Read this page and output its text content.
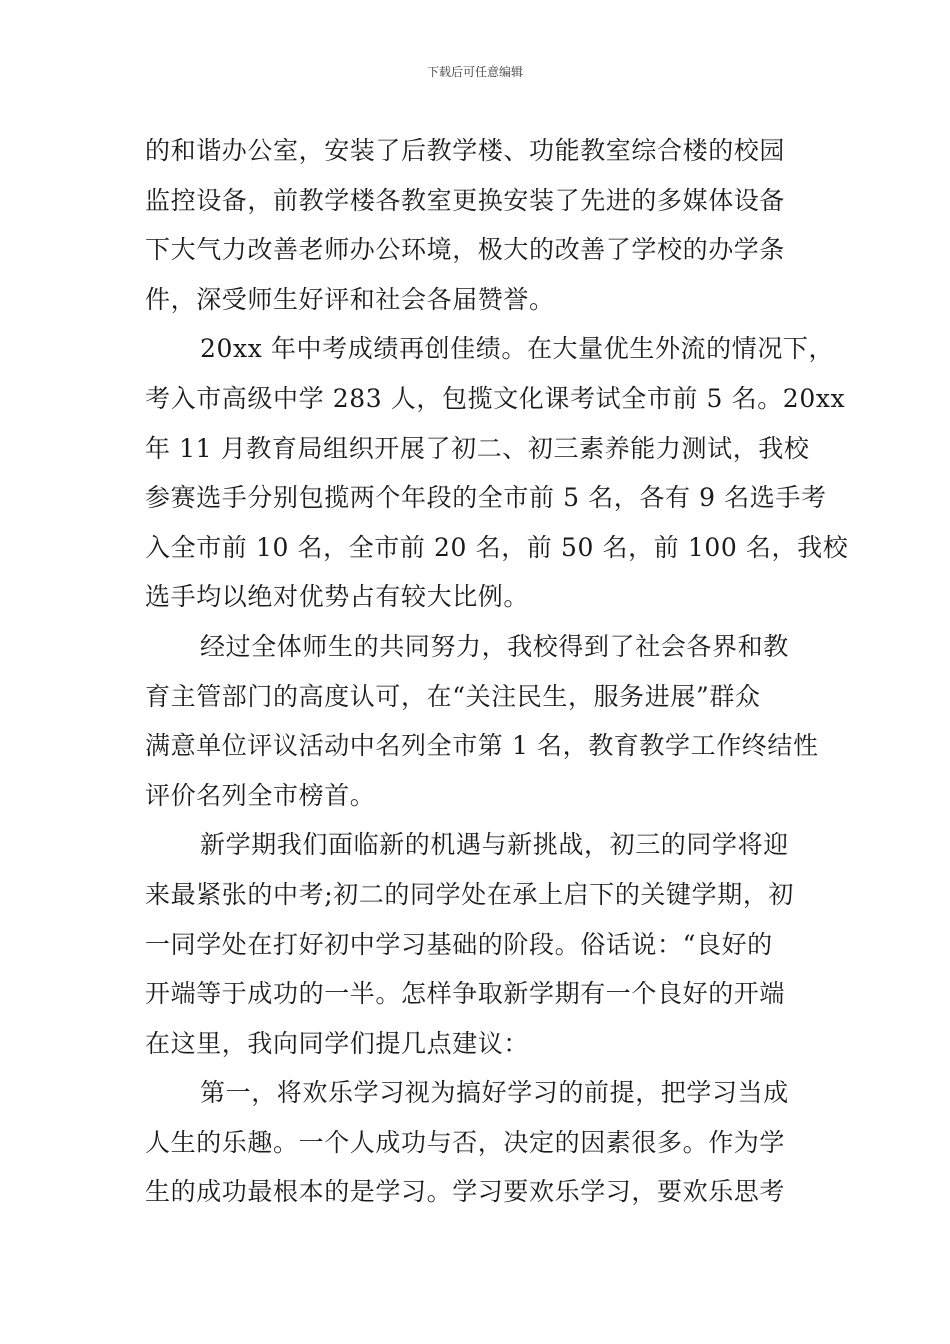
下载后可任意编辑
的和谐办公室，安装了后教学楼、功能教室综合楼的校园
监控设备，前教学楼各教室更换安装了先进的多媒体设备
下大气力改善老师办公环境，极大的改善了学校的办学条
件，深受师生好评和社会各届赞誉。
20xx 年中考成绩再创佳绩。在大量优生外流的情况下，
考入市高级中学 283 人，包揽文化课考试全市前 5 名。20xx
年 11 月教育局组织开展了初二、初三素养能力测试，我校
参赛选手分别包揽两个年段的全市前 5 名，各有 9 名选手考
入全市前 10 名，全市前 20 名，前 50 名，前 100 名，我校
选手均以绝对优势占有较大比例。
经过全体师生的共同努力，我校得到了社会各界和教
育主管部门的高度认可，在“关注民生，服务进展”群众
满意单位评议活动中名列全市第 1 名，教育教学工作终结性
评价名列全市榜首。
新学期我们面临新的机遇与新挑战，初三的同学将迎
来最紧张的中考;初二的同学处在承上启下的关键学期，初
一同学处在打好初中学习基础的阶段。俗话说：“良好的
开端等于成功的一半。怎样争取新学期有一个良好的开端
在这里，我向同学们提几点建议：
第一，将欢乐学习视为搞好学习的前提，把学习当成
人生的乐趣。一个人成功与否，决定的因素很多。作为学
生的成功最根本的是学习。学习要欢乐学习，要欢乐思考
